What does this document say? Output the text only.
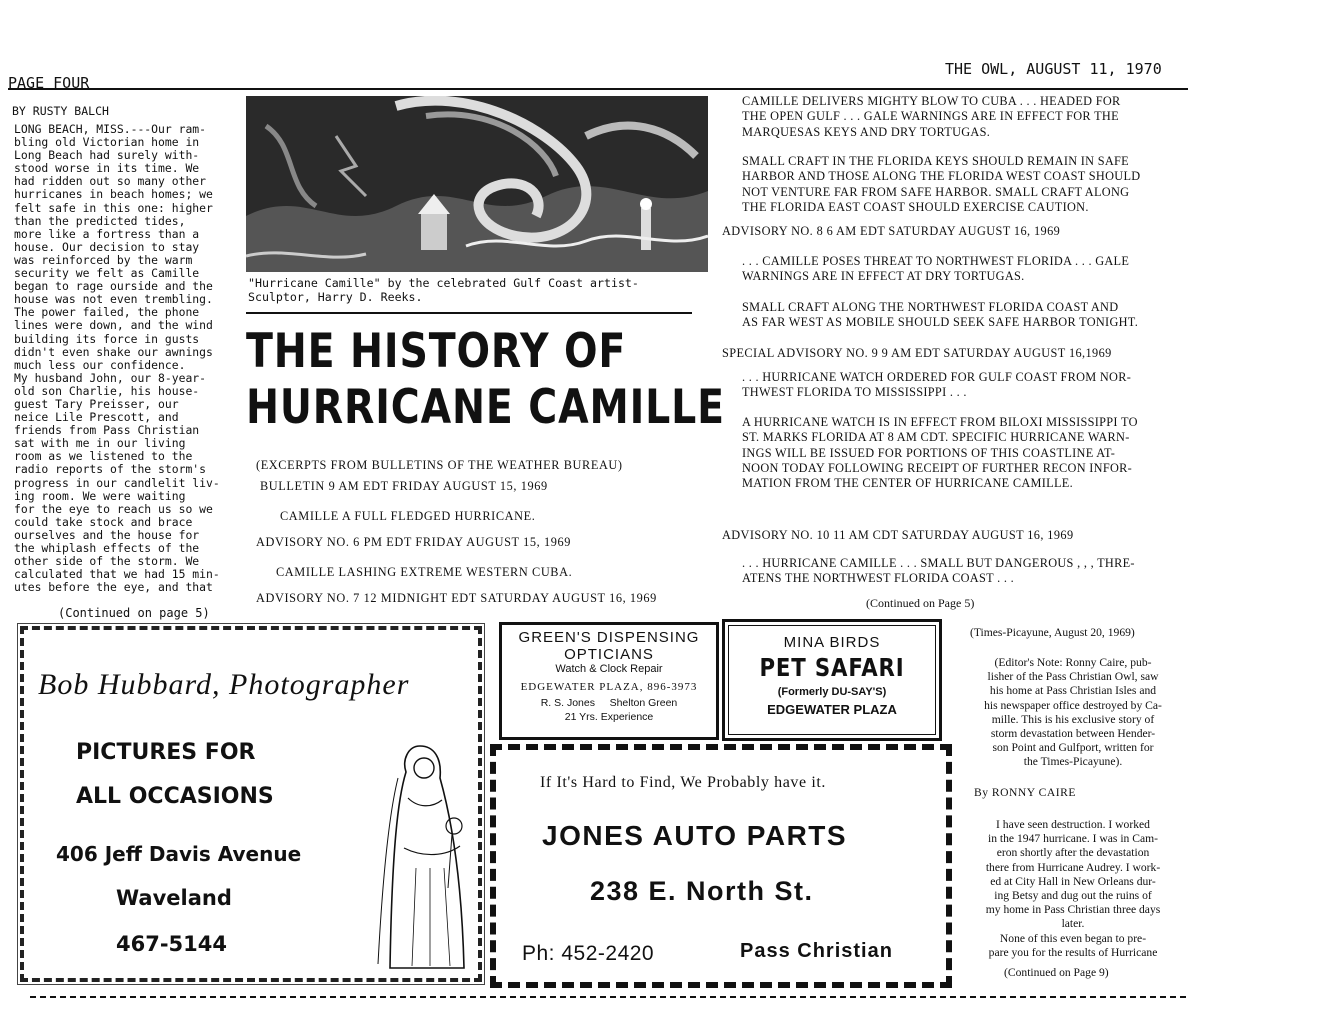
PAGE FOUR
THE OWL, AUGUST 11, 1970
BY RUSTY BALCH
LONG BEACH, MISS.---Our ram-
bling old Victorian home in
Long Beach had surely with-
stood worse in its time. We
had ridden out so many other
hurricanes in beach homes; we
felt safe in this one: higher
than the predicted tides,
more like a fortress than a
house. Our decision to stay
was reinforced by the warm
security we felt as Camille
began to rage ourside and the
house was not even trembling.
The power failed, the phone
lines were down, and the wind
building its force in gusts
didn't even shake our awnings
much less our confidence.
My husband John, our 8-year-
old son Charlie, his house-
guest Tary Preisser, our
neice Lile Prescott, and
friends from Pass Christian
sat with me in our living
room as we listened to the
radio reports of the storm's
progress in our candlelit liv-
ing room. We were waiting
for the eye to reach us so we
could take stock and brace
ourselves and the house for
the whiplash effects of the
other side of the storm. We
calculated that we had 15 min-
utes before the eye, and that
(Continued on page 5)
"Hurricane Camille" by the celebrated Gulf Coast artist-
Sculptor, Harry D. Reeks.
THE HISTORY OF
HURRICANE CAMILLE
(EXCERPTS FROM BULLETINS OF THE WEATHER BUREAU)
BULLETIN 9 AM EDT FRIDAY AUGUST 15, 1969
CAMILLE A FULL FLEDGED HURRICANE.
ADVISORY NO. 6 PM EDT FRIDAY AUGUST 15, 1969
CAMILLE LASHING EXTREME WESTERN CUBA.
ADVISORY NO. 7 12 MIDNIGHT EDT SATURDAY AUGUST 16, 1969
CAMILLE DELIVERS MIGHTY BLOW TO CUBA . . . HEADED FOR
THE OPEN GULF . . . GALE WARNINGS ARE IN EFFECT FOR THE
MARQUESAS KEYS AND DRY TORTUGAS.
SMALL CRAFT IN THE FLORIDA KEYS SHOULD REMAIN IN SAFE
HARBOR AND THOSE ALONG THE FLORIDA WEST COAST SHOULD
NOT VENTURE FAR FROM SAFE HARBOR. SMALL CRAFT ALONG
THE FLORIDA EAST COAST SHOULD EXERCISE CAUTION.
ADVISORY NO. 8 6 AM EDT SATURDAY AUGUST 16, 1969
. . . CAMILLE POSES THREAT TO NORTHWEST FLORIDA . . . GALE
WARNINGS ARE IN EFFECT AT DRY TORTUGAS.
SMALL CRAFT ALONG THE NORTHWEST FLORIDA COAST AND
AS FAR WEST AS MOBILE SHOULD SEEK SAFE HARBOR TONIGHT.
SPECIAL ADVISORY NO. 9 9 AM EDT SATURDAY AUGUST 16,1969
. . . HURRICANE WATCH ORDERED FOR GULF COAST FROM NOR-
THWEST FLORIDA TO MISSISSIPPI . . .
A HURRICANE WATCH IS IN EFFECT FROM BILOXI MISSISSIPPI TO
ST. MARKS FLORIDA AT 8 AM CDT. SPECIFIC HURRICANE WARN-
INGS WILL BE ISSUED FOR PORTIONS OF THIS COASTLINE AT-
NOON TODAY FOLLOWING RECEIPT OF FURTHER RECON INFOR-
MATION FROM THE CENTER OF HURRICANE CAMILLE.
ADVISORY NO. 10 11 AM CDT SATURDAY AUGUST 16, 1969
. . . HURRICANE CAMILLE . . . SMALL BUT DANGEROUS , , , THRE-
ATENS THE NORTHWEST FLORIDA COAST . . .
(Continued on Page 5)
(Times-Picayune, August 20, 1969)
(Editor's Note: Ronny Caire, pub-
lisher of the Pass Christian Owl, saw
his home at Pass Christian Isles and
his newspaper office destroyed by Ca-
mille. This is his exclusive story of
storm devastation between Hender-
son Point and Gulfport, written for
the Times-Picayune).
By RONNY CAIRE
I have seen destruction. I worked
in the 1947 hurricane. I was in Cam-
eron shortly after the devastation
there from Hurricane Audrey. I work-
ed at City Hall in New Orleans dur-
ing Betsy and dug out the ruins of
my home in Pass Christian three days
later.
None of this even began to pre-
pare you for the results of Hurricane
(Continued on Page 9)
Bob Hubbard, Photographer
PICTURES FOR
ALL OCCASIONS
406 Jeff Davis Avenue
Waveland
467-5144
GREEN'S DISPENSING
OPTICIANS
Watch & Clock Repair
EDGEWATER PLAZA, 896-3973
R. S. Jones     Shelton Green
21 Yrs. Experience
MINA BIRDS
PET SAFARI
(Formerly DU-SAY'S)
EDGEWATER PLAZA
If It's Hard to Find, We Probably have it.
JONES AUTO PARTS
238 E. North St.
Ph: 452-2420	Pass Christian
